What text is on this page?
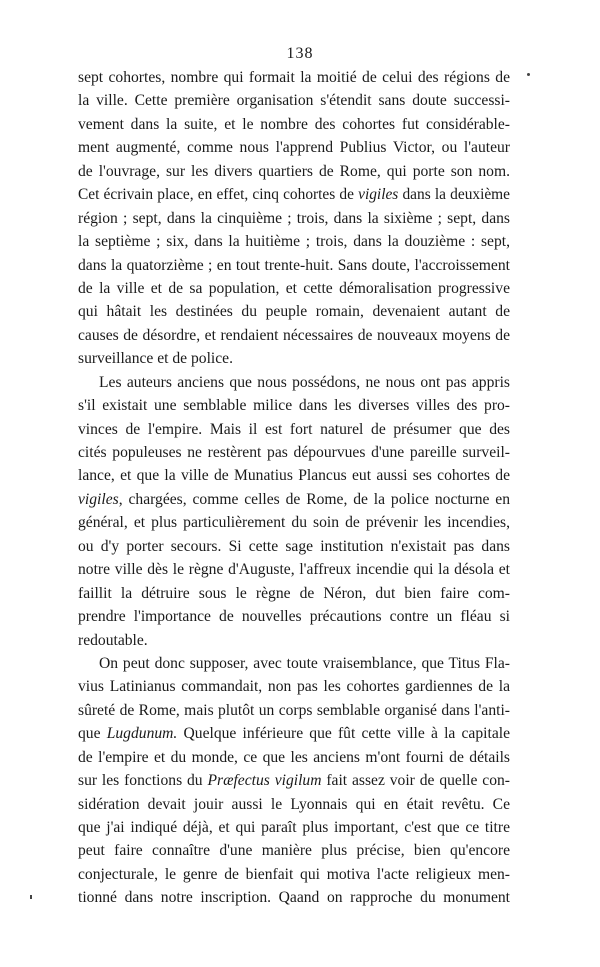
138
sept cohortes, nombre qui formait la moitié de celui des régions de
la ville. Cette première organisation s'étendit sans doute successi-
vement dans la suite, et le nombre des cohortes fut considérable-
ment augmenté, comme nous l'apprend Publius Victor, ou l'auteur
de l'ouvrage, sur les divers quartiers de Rome, qui porte son nom.
Cet écrivain place, en effet, cinq cohortes de vigiles dans la deuxième
région ; sept, dans la cinquième ; trois, dans la sixième ; sept, dans
la septième ; six, dans la huitième ; trois, dans la douzième : sept,
dans la quatorzième ; en tout trente-huit. Sans doute, l'accroissement
de la ville et de sa population, et cette démoralisation progressive
qui hâtait les destinées du peuple romain, devenaient autant de
causes de désordre, et rendaient nécessaires de nouveaux moyens de
surveillance et de police.
Les auteurs anciens que nous possédons, ne nous ont pas appris
s'il existait une semblable milice dans les diverses villes des pro-
vinces de l'empire. Mais il est fort naturel de présumer que des
cités populeuses ne restèrent pas dépourvues d'une pareille surveil-
lance, et que la ville de Munatius Plancus eut aussi ses cohortes de
vigiles, chargées, comme celles de Rome, de la police nocturne en
général, et plus particulièrement du soin de prévenir les incendies,
ou d'y porter secours. Si cette sage institution n'existait pas dans
notre ville dès le règne d'Auguste, l'affreux incendie qui la désola et
faillit la détruire sous le règne de Néron, dut bien faire com-
prendre l'importance de nouvelles précautions contre un fléau si
redoutable.
On peut donc supposer, avec toute vraisemblance, que Titus Fla-
vius Latinianus commandait, non pas les cohortes gardiennes de la
sûreté de Rome, mais plutôt un corps semblable organisé dans l'anti-
que Lugdunum. Quelque inférieure que fût cette ville à la capitale
de l'empire et du monde, ce que les anciens m'ont fourni de détails
sur les fonctions du Præfectus vigilum fait assez voir de quelle con-
sidération devait jouir aussi le Lyonnais qui en était revêtu. Ce
que j'ai indiqué déjà, et qui paraît plus important, c'est que ce titre
peut faire connaître d'une manière plus précise, bien qu'encore
conjecturale, le genre de bienfait qui motiva l'acte religieux men-
tionné dans notre inscription. Qaand on rapproche du monument
